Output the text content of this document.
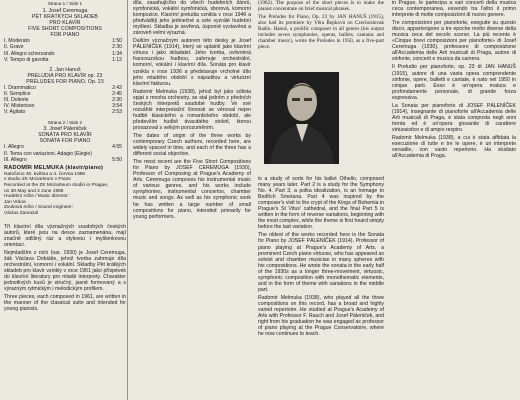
Strana 1 / Side 1
1. Josef Ceremuga
PĚT KRÁTKÝCH SKLADEB
PRO KLAVÍR
FIVE SHORT COMPOSITIONS
FOR PIANO
I. Moderato	1:50
II. Grave	2:30
III. Allegro scherzando	1:34
V. Tempo di gavotta	1:12
2. Jan Hanuš
PRELUDIA PRO KLAVÍR op. 23
PRELUDES FOR PIANO, Op. 23
I. Drammatico	2:42
II. Semplice	2:45
III. Dolente	2:30
IV. Misterioso	3:54
V. Agitato	2:53
Strana 2 / Side 2
3. Josef Páleníček
SONÁTA PRO KLAVÍR
SONATA FOR PIANO
I. Allegro	4:55
II. Tema con variazioni. Adagio (Elegie)
III. Allegro	5:50
RADOMÍR MELMUKA (klavír/piano)
Natočeno 30. května a 4. června 1986
v studiu ZK Mozarteum v Praze
Recorded at the ZK Mozarteum studio in Prague,
on 30 May and 4 June 1986
Hudební režie / Music director:
Jan Vrána
Zvuková režie / Sound engineer:
Václav Zamazal

Tři klavírní díla význačných soudobých českých autorů, které jsou na desce zaznamenána, mají značně odlišný ráz a stylovou i myšlenkovou orientaci.

Nejmladším z nich (nar. 1930) je Josef Ceremuga, žák Václava Dobiáše, jehož tvorba zahrnuje díla orchestrální, komorní i vokální. Skladby Pět krátkých skladeb pro klavír vznikly v roce 1961 jako příspěvek do klavírní literatury pro mladé interprety. Charakter jednotlivých kusů je stručný, jasně formovaný a s výrazným rytmickým i melodickým profilem.

Three pieces, each composed in 1961, are written in the manner of the classical suite and intended for young pianists.

díla, zasahujícího do všech hudebních žánrů, symfonická, vokální symfonická, sborová, komorní kompozice. Klavírní preludia vznikla v roce 1946 a předvádějí jeho jedinečné a cele vyzrálé hudební myšlení. Skladba je sevřená, úsporně vystavěná a zároveň velmi výrazná.

Dalším význačným autorem této desky je Josef PÁLENÍČEK (1914), který se uplatnil jako klavírní virtuos i jako skladatel. Jeho tvorba, ovlivněná francouzskou hudbou, zahrnuje orchestrální, komorní, vokální i klavírní díla. Sonáta pro klavír vznikla v roce 1936 a představuje vrcholné dílo jeho mladého období s nápaditou a virtuózní klavírní fakturou.

Radomír Melmuka (1938), jehož byl jako sólista spjat s mnoha orchestry, se stal jedním z předních českých interpretů soudobé hudby. Ve své rozsáhlé interpretační činnosti se věnoval nejen hudbě klasického a romantického období, ale především hudbě dvacátého století, kterou prosazoval s velkým porozuměním.

The dates of origin of the three works by contemporary Czech authors, recorded here, are widely spaced in time, and each of the three has a different social objective.

The most recent are the Five Short Compositions for Piano by JOSEF CEREMUGA (1930), Professor of Composing at Prague's Academy of Arts. Ceremuga composes his instrumental music of various genres, and his works include symphonies, instrumental concertos, chamber music and songs. As well as his symphonic work he has written a large number of small compositions for piano, intended primarily for young performers.

(1962). The purpose of the short pieces is to make the pianist concentrate on brief musical phrases.

The Preludes for Piano, Op. 23 by JAN HANUŠ (1915), also had its premiere by Věra Řepková on Czechoslovak Radio. Hanuš, a prolific composer in all genres (his output includes seven symphonies, operas, ballets, cantatas and chamber music), wrote the Preludes in 1950, as a five-part piece.

is a study of sorts for his ballet Othello, composed many years later. Part 2 is a study for the Symphony No. 4. Part 3, a polka idealization, is an homage to Bedřich Smetana. Part 4 was inspired by the composer's visit to the crypt of the Kings of Bohemia in Prague's St Vitus' cathedral, and the final Part 5 is written in the form of reverse variations, beginning with the most complex, while the theme is first heard simply before the last variation.

The oldest of the works recorded here is the Sonata for Piano by JOSEF PÁLENÍČEK (1914), Professor of piano playing at Prague's Academy of Arts, a prominent Czech piano virtuoso, who has appeared as soloist and chamber musician in many spheres with his compositions. He wrote the sonata in the early half of the 1930s as a longer three-movement, virtuosic, symphonic composition with monothematic elements, and in the form of theme with variations in the middle part.

Radomír Melmuka (1938), who played all the three compositions on this record, has a broad and highly varied repertoire. He studied at Prague's Academy of Arts with Professor F. Rauch and Josef Páleníček, and right from his graduation he was engaged as professor of piano playing at the Prague Conservatoire, where he now continues to teach.

in Prague, le partecipa a vari concerti della musica ceca contemporanea, essendo tra l'altro il primo interprete di molte composizioni di nuovo genere.

Tre composizioni per pianoforte, eseguite su questo disco, appartengono a tre epoche molto diverse della musica ceca del secolo scorso. La più recente è «Cinque brevi composizioni per pianoforte» di Josef Ceremuga (1930), professore di composizione all'Accademia delle Arti musicali di Praga, autore di sinfonie, concerti e musica da camera.

Il Preludio per pianoforte, op. 23 di JAN HANUŠ (1915), autore di una vasta opera comprendente sinfonie, opere, balletti e cantate, è nato nel 1950 in cinque parti. Esso è un'opera matura e profondamente personale, di grande forza espressiva.

La Sonata per pianoforte di JOSEF PÁLENÍČEK (1914), insegnante di pianoforte all'Accademia delle Arti musicali di Praga, è stata composta negli anni trenta ed è un'opera giovanile di carattere virtuosistico e di ampio respiro.

Radomír Melmuka (1938), a cui è stata affidata la esecuzione di tutte e tre le opere, è un interprete versatile, con vasto repertorio. Ha studiato all'Accademia di Praga.
